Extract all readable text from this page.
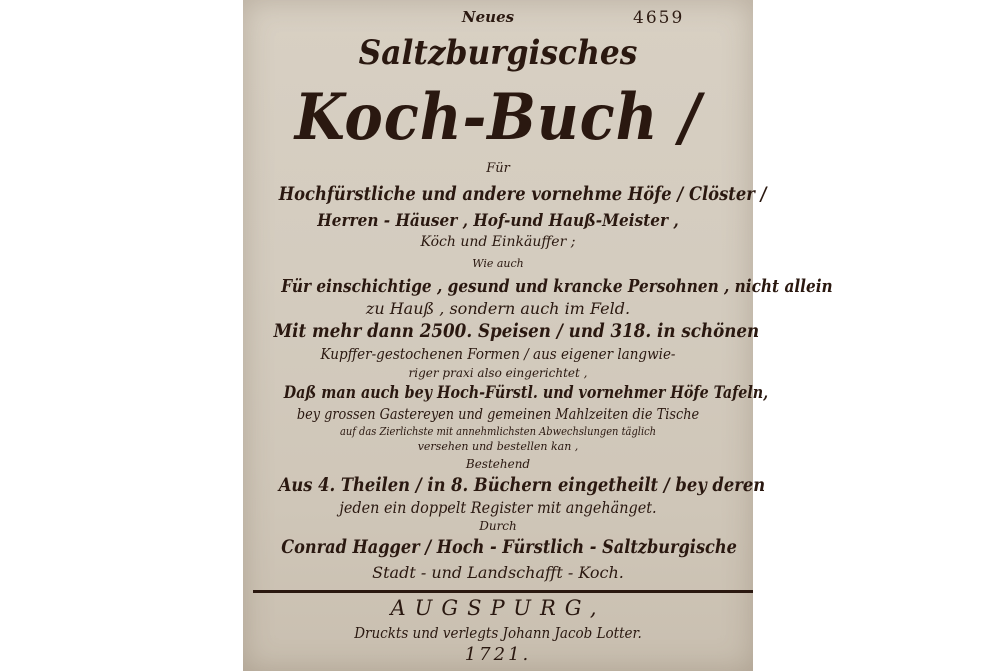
4659
Neues
Saltzburgisches
Koch-Buch /
Für
Hochfürstliche und andere vornehme Höfe / Clöster /
Herren - Häuser , Hof-und Hauß-Meister ,
Köch und Einkäuffer ;
Wie auch
Für einschichtige , gesund und krancke Persohnen , nicht allein
zu Hauß , sondern auch im Feld.
Mit mehr dann 2500. Speisen / und 318. in schönen
Kupffer-gestochenen Formen / aus eigener langwie-
riger praxi also eingerichtet ,
Daß man auch bey Hoch-Fürstl. und vornehmer Höfe Tafeln,
bey grossen Gastereyen und gemeinen Mahlzeiten die Tische
auf das Zierlichste mit annehmlichsten Abwechslungen täglich
versehen und bestellen kan ,
Bestehend
Aus 4. Theilen / in 8. Büchern eingetheilt / bey deren
jeden ein doppelt Register mit angehänget.
Durch
Conrad Hagger / Hoch - Fürstlich - Saltzburgische
Stadt - und Landschafft - Koch.
AUGSPURG,
Druckts und verlegts Johann Jacob Lotter.
1721.
